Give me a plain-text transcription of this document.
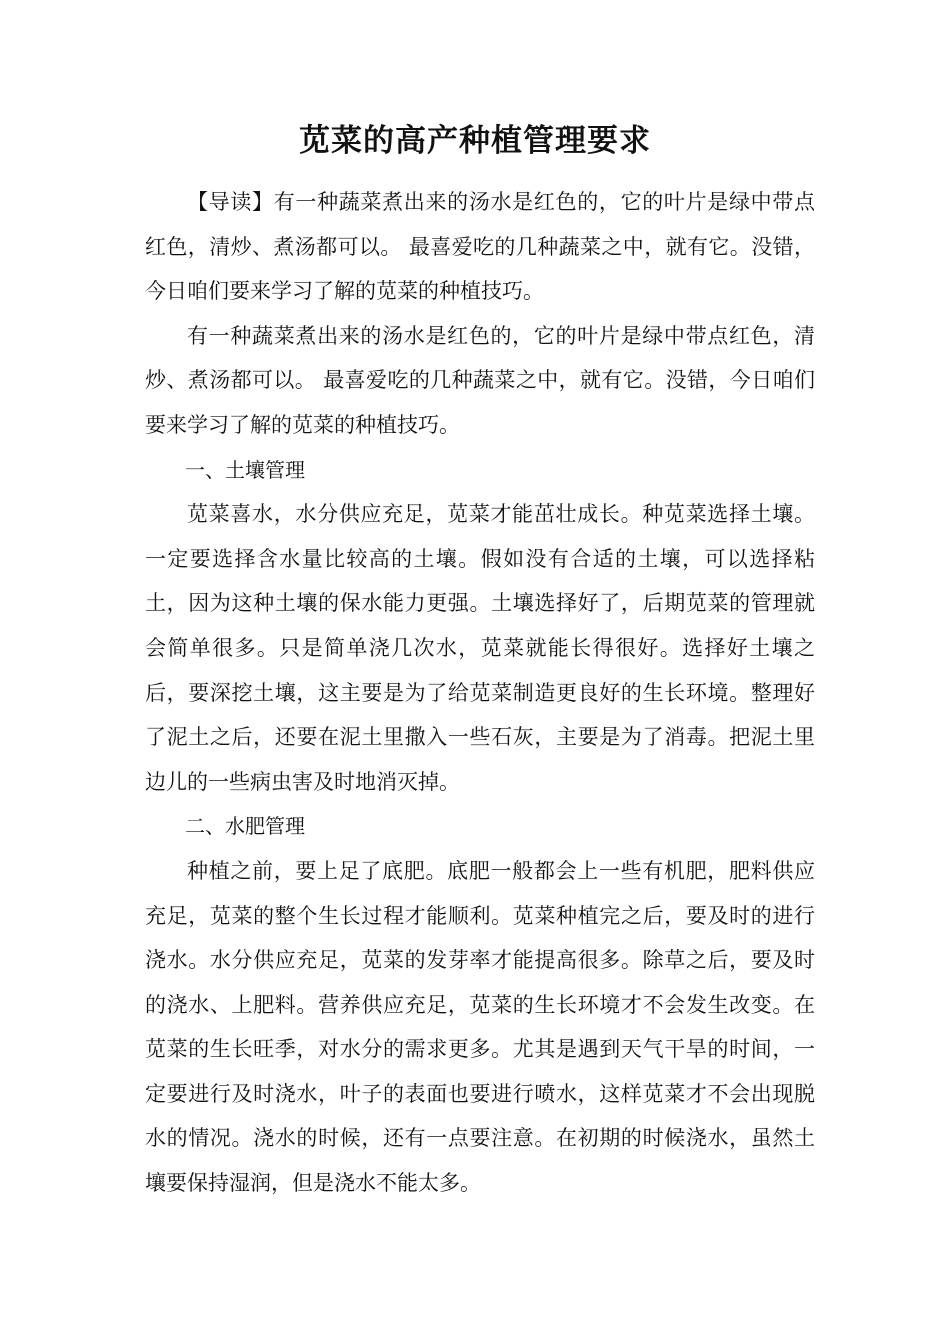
苋菜的高产种植管理要求

【导读】有一种蔬菜煮出来的汤水是红色的，它的叶片是绿中带点红色，清炒、煮汤都可以。 最喜爱吃的几种蔬菜之中，就有它。没错，今日咱们要来学习了解的苋菜的种植技巧。

有一种蔬菜煮出来的汤水是红色的，它的叶片是绿中带点红色，清炒、煮汤都可以。 最喜爱吃的几种蔬菜之中，就有它。没错，今日咱们要来学习了解的苋菜的种植技巧。

一、土壤管理

苋菜喜水，水分供应充足，苋菜才能茁壮成长。种苋菜选择土壤。一定要选择含水量比较高的土壤。假如没有合适的土壤，可以选择粘土，因为这种土壤的保水能力更强。土壤选择好了，后期苋菜的管理就会简单很多。只是简单浇几次水，苋菜就能长得很好。选择好土壤之后，要深挖土壤，这主要是为了给苋菜制造更良好的生长环境。整理好了泥土之后，还要在泥土里撒入一些石灰，主要是为了消毒。把泥土里边儿的一些病虫害及时地消灭掉。

二、水肥管理

种植之前，要上足了底肥。底肥一般都会上一些有机肥，肥料供应充足，苋菜的整个生长过程才能顺利。苋菜种植完之后，要及时的进行浇水。水分供应充足，苋菜的发芽率才能提高很多。除草之后，要及时的浇水、上肥料。营养供应充足，苋菜的生长环境才不会发生改变。在苋菜的生长旺季，对水分的需求更多。尤其是遇到天气干旱的时间，一定要进行及时浇水，叶子的表面也要进行喷水，这样苋菜才不会出现脱水的情况。浇水的时候，还有一点要注意。在初期的时候浇水，虽然土壤要保持湿润，但是浇水不能太多。
